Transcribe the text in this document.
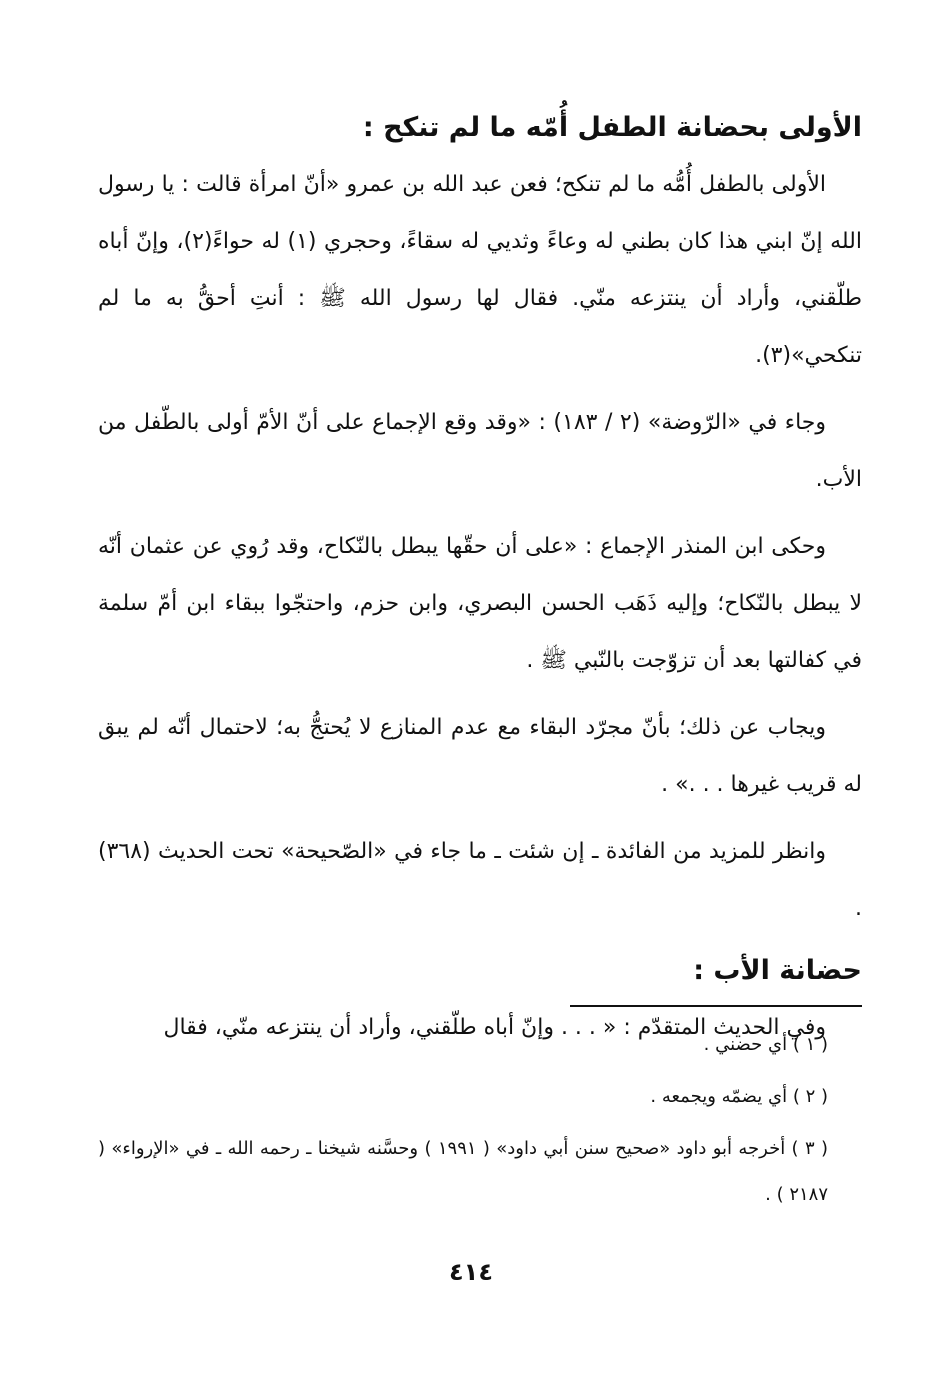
الأولى بحضانة الطفل أُمّه ما لم تنكح :

الأولى بالطفل أُمُّه ما لم تنكح؛ فعن عبد الله بن عمرو «أنّ امرأة قالت : يا رسول الله إنّ ابني هذا كان بطني له وعاءً وثديي له سقاءً، وحجري (١) له حواءً(٢)، وإنّ أباه طلّقني، وأراد أن ينتزعه منّي. فقال لها رسول الله ﷺ : أنتِ أحقُّ به ما لم تنكحي»(٣).

وجاء في «الرّوضة» (٢ / ١٨٣) : «وقد وقع الإجماع على أنّ الأمّ أولى بالطّفل من الأب.

وحكى ابن المنذر الإجماع : «على أن حقّها يبطل بالنّكاح، وقد رُوي عن عثمان أنّه لا يبطل بالنّكاح؛ وإليه ذَهَب الحسن البصري، وابن حزم، واحتجّوا ببقاء ابن أمّ سلمة في كفالتها بعد أن تزوّجت بالنّبي ﷺ .

ويجاب عن ذلك؛ بأنّ مجرّد البقاء مع عدم المنازع لا يُحتجُّ به؛ لاحتمال أنّه لم يبق له قريب غيرها . . .» .

وانظر للمزيد من الفائدة ـ إن شئت ـ ما جاء في «الصّحيحة» تحت الحديث (٣٦٨) .

حضانة الأب :

وفي الحديث المتقدّم : « . . . وإنّ أباه طلّقني، وأراد أن ينتزعه منّي، فقال

( ١ ) أي حضني .

( ٢ ) أي يضمّه ويجمعه .

( ٣ ) أخرجه أبو داود «صحيح سنن أبي داود» ( ١٩٩١ ) وحسَّنه شيخنا ـ رحمه الله ـ في «الإرواء» ( ٢١٨٧ ) .

٤١٤
